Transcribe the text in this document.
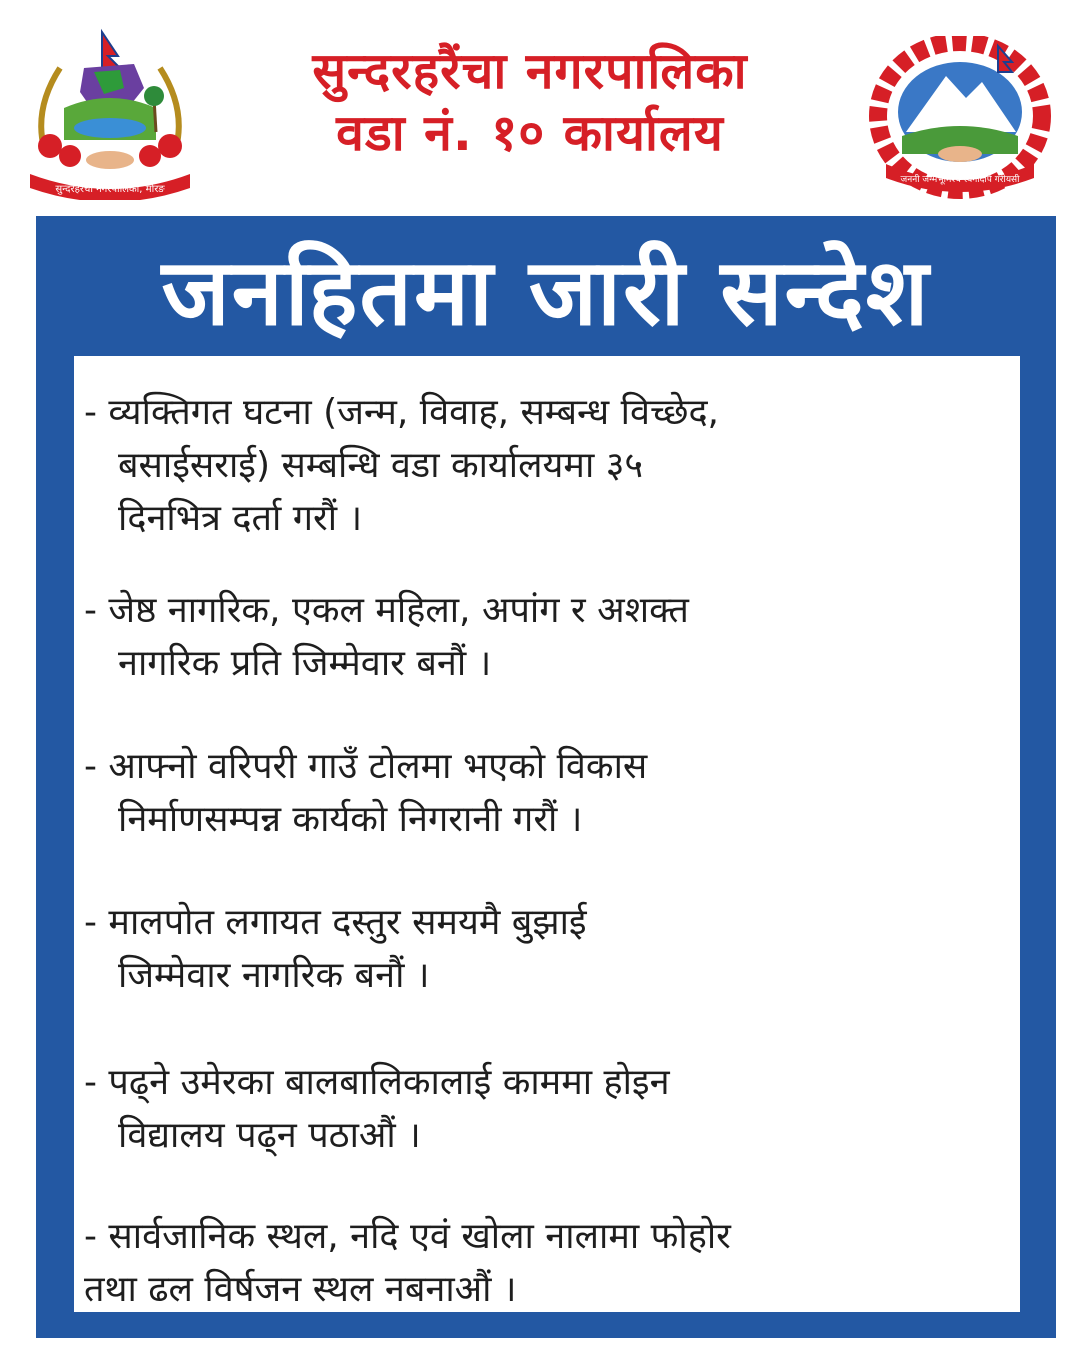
सुन्दरहरैंचा नगरपालिका, मोरङ
सुन्दरहरैंचा नगरपालिका
वडा नं. १० कार्यालय
जननी जन्मभूमिश्च स्वर्गादपि गरीयसी
जनहितमा जारी सन्देश
- व्यक्तिगत घटना (जन्म, विवाह, सम्बन्ध विच्छेद,
बसाईसराई) सम्बन्धि वडा कार्यालयमा ३५
दिनभित्र दर्ता गरौं ।
- जेष्ठ नागरिक, एकल महिला, अपांग र अशक्त
नागरिक प्रति जिम्मेवार बनौं ।
- आफ्नो वरिपरी गाउँ टोलमा भएको विकास
निर्माणसम्पन्न कार्यको निगरानी गरौं ।
- मालपोत लगायत दस्तुर समयमै बुझाई
जिम्मेवार नागरिक बनौं ।
- पढ्ने उमेरका बालबालिकालाई काममा होइन
विद्यालय पढ्न पठाऔं ।
- सार्वजानिक स्थल, नदि एवं खोला नालामा फोहोर
तथा ढल विर्षजन स्थल नबनाऔं ।
